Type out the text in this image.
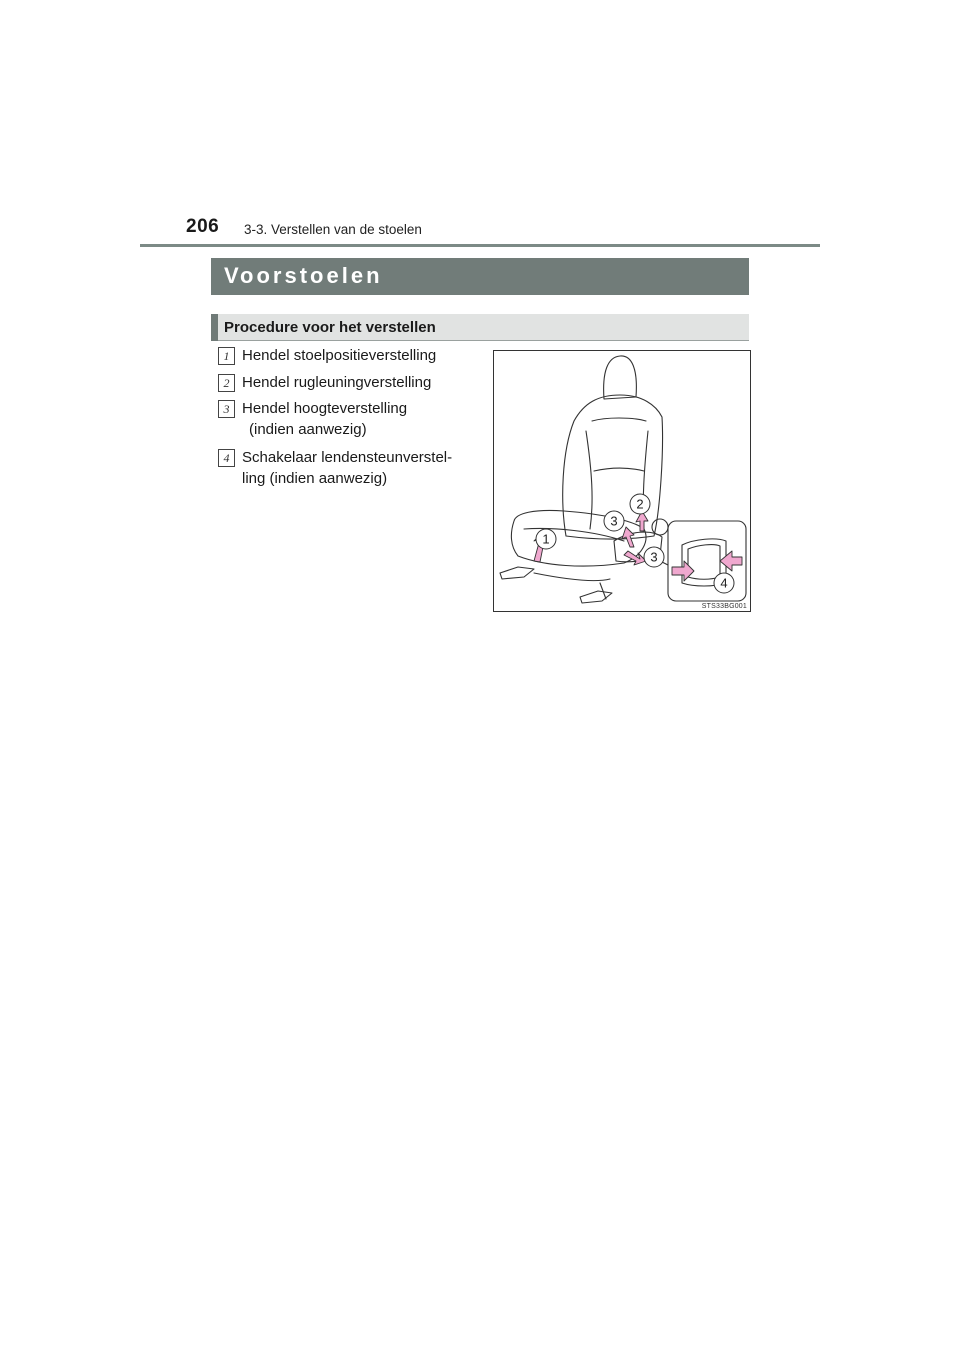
206 3-3. Verstellen van de stoelen
Voorstoelen
Procedure voor het verstellen
1 Hendel stoelpositieverstelling
2 Hendel rugleuningverstelling
3 Hendel hoogteverstelling
(indien aanwezig)
4 Schakelaar lendensteunverstel-
ling (indien aanwezig)
1
2
3
3
4
STS33BG001
